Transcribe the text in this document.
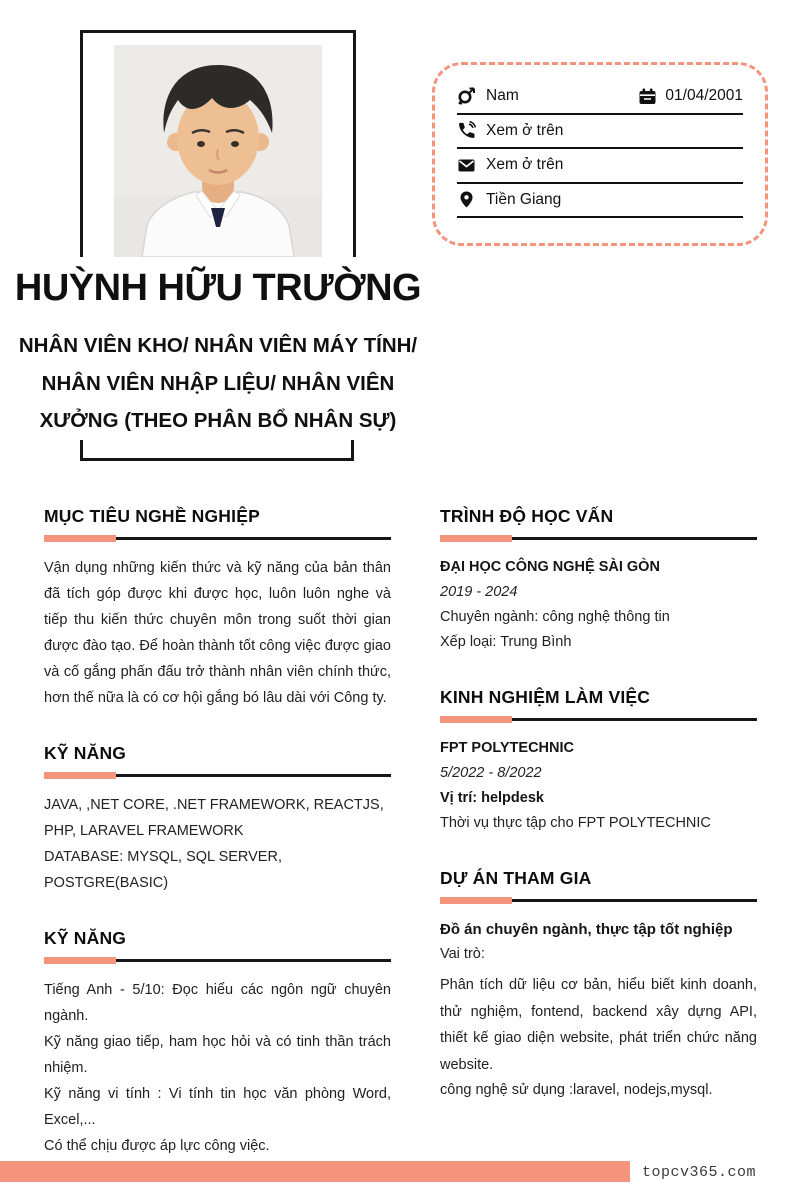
HUỲNH HỮU TRƯỜNG
NHÂN VIÊN KHO/ NHÂN VIÊN MÁY TÍNH/ NHÂN VIÊN NHẬP LIỆU/ NHÂN VIÊN XƯỞNG (THEO PHÂN BỔ NHÂN SỰ)
Nam	01/04/2001
Xem ở trên
Xem ở trên
Tiền Giang
MỤC TIÊU NGHỀ NGHIỆP

Vận dụng những kiến thức và kỹ năng của bản thân đã tích góp được khi được học, luôn luôn nghe và tiếp thu kiến thức chuyên môn trong suốt thời gian được đào tạo. Để hoàn thành tốt công việc được giao và cố gắng phấn đấu trở thành nhân viên chính thức, hơn thế nữa là có cơ hội gắng bó lâu dài với Công ty.

KỸ NĂNG

JAVA, ,NET CORE, .NET FRAMEWORK, REACTJS, PHP, LARAVEL FRAMEWORK

DATABASE: MYSQL, SQL SERVER, POSTGRE(BASIC)

KỸ NĂNG

Tiếng Anh - 5/10: Đọc hiểu các ngôn ngữ chuyên ngành.

Kỹ năng giao tiếp, ham học hỏi và có tinh thần trách nhiệm.

Kỹ năng vi tính : Vi tính tin học văn phòng Word, Excel,...

Có thể chịu được áp lực công việc.

TRÌNH ĐỘ HỌC VẤN

ĐẠI HỌC CÔNG NGHỆ SÀI GÒN

2019 - 2024

Chuyên ngành: công nghệ thông tin

Xếp loại: Trung Bình

KINH NGHIỆM LÀM VIỆC

FPT POLYTECHNIC

5/2022 - 8/2022

Vị trí: helpdesk

Thời vụ thực tập cho FPT POLYTECHNIC

DỰ ÁN THAM GIA

Đồ án chuyên ngành, thực tập tốt nghiệp

Vai trò:

Phân tích dữ liệu cơ bản, hiểu biết kinh doanh, thử nghiệm, fontend, backend xây dựng API, thiết kế giao diện website, phát triển chức năng website.

công nghệ sử dụng :laravel, nodejs,mysql.

topcv365.com
